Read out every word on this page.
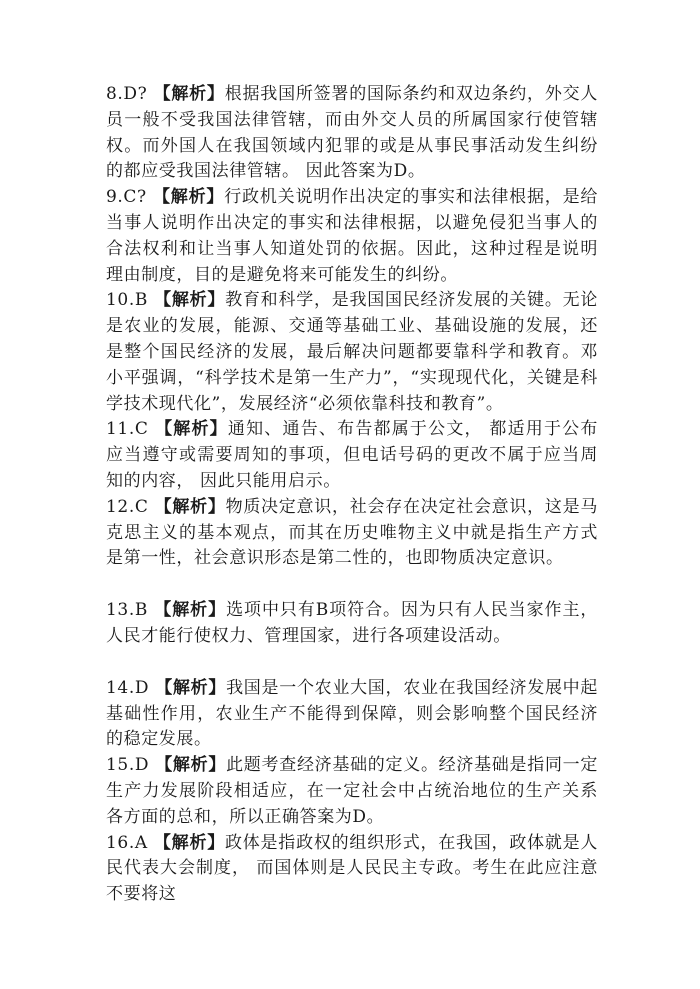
8.D? 【解析】根据我国所签署的国际条约和双边条约，外交人员一般不受我国法律管辖，而由外交人员的所属国家行使管辖权。而外国人在我国领域内犯罪的或是从事民事活动发生纠纷的都应受我国法律管辖。 因此答案为D。

9.C? 【解析】行政机关说明作出决定的事实和法律根据，是给当事人说明作出决定的事实和法律根据，以避免侵犯当事人的合法权利和让当事人知道处罚的依据。因此，这种过程是说明理由制度，目的是避免将来可能发生的纠纷。

10.B 【解析】教育和科学，是我国国民经济发展的关键。无论是农业的发展，能源、交通等基础工业、基础设施的发展，还是整个国民经济的发展，最后解决问题都要靠科学和教育。邓小平强调，“科学技术是第一生产力”，“实现现代化，关键是科学技术现代化”，发展经济“必须依靠科技和教育”。

11.C 【解析】通知、通告、布告都属于公文， 都适用于公布应当遵守或需要周知的事项，但电话号码的更改不属于应当周知的内容， 因此只能用启示。

12.C 【解析】物质决定意识，社会存在决定社会意识，这是马克思主义的基本观点，而其在历史唯物主义中就是指生产方式是第一性，社会意识形态是第二性的，也即物质决定意识。

13.B 【解析】选项中只有B项符合。因为只有人民当家作主，人民才能行使权力、管理国家，进行各项建设活动。

14.D 【解析】我国是一个农业大国，农业在我国经济发展中起基础性作用，农业生产不能得到保障，则会影响整个国民经济的稳定发展。

15.D 【解析】此题考查经济基础的定义。经济基础是指同一定生产力发展阶段相适应，在一定社会中占统治地位的生产关系各方面的总和，所以正确答案为D。

16.A 【解析】政体是指政权的组织形式，在我国，政体就是人民代表大会制度， 而国体则是人民民主专政。考生在此应注意不要将这
